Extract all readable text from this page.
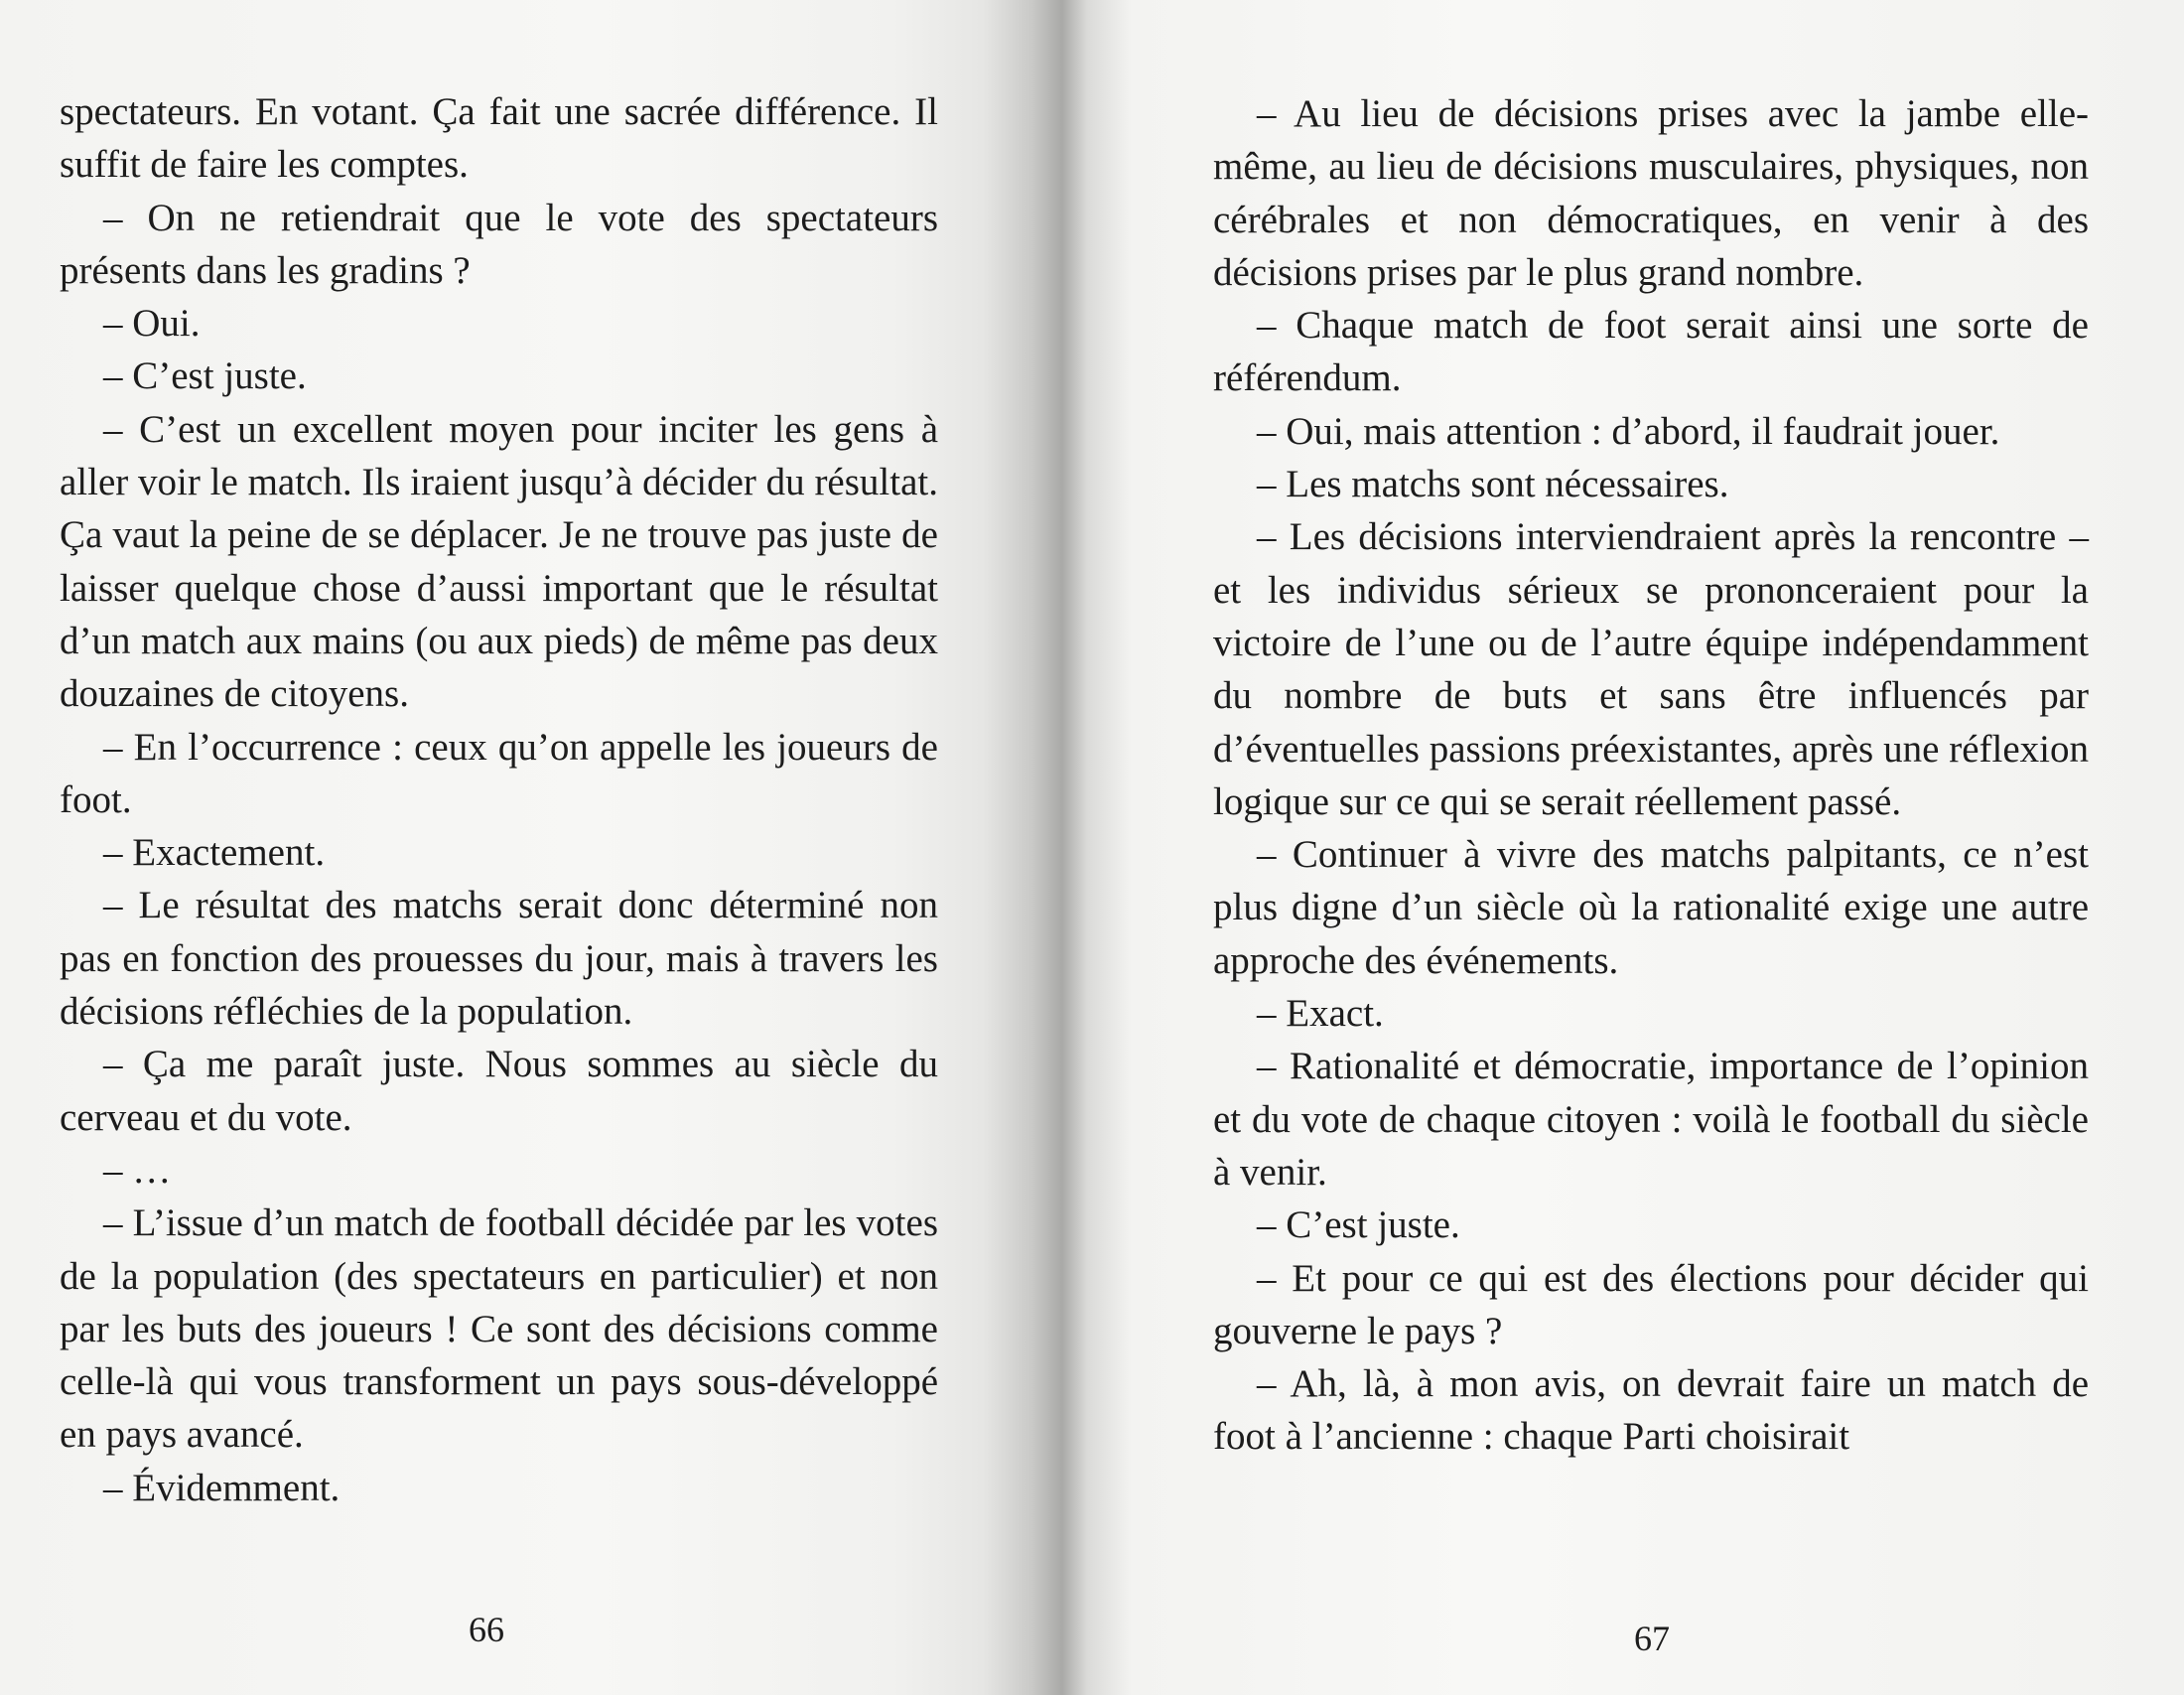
spectateurs. En votant. Ça fait une sacrée différence. Il suffit de faire les comptes.

– On ne retiendrait que le vote des spectateurs présents dans les gradins ?

– Oui.

– C’est juste.

– C’est un excellent moyen pour inciter les gens à aller voir le match. Ils iraient jusqu’à décider du résultat. Ça vaut la peine de se déplacer. Je ne trouve pas juste de laisser quelque chose d’aussi important que le résultat d’un match aux mains (ou aux pieds) de même pas deux douzaines de citoyens.

– En l’occurrence : ceux qu’on appelle les joueurs de foot.

– Exactement.

– Le résultat des matchs serait donc déterminé non pas en fonction des prouesses du jour, mais à travers les décisions réfléchies de la population.

– Ça me paraît juste. Nous sommes au siècle du cerveau et du vote.

– …

– L’issue d’un match de football décidée par les votes de la population (des spectateurs en particulier) et non par les buts des joueurs ! Ce sont des décisions comme celle-là qui vous transforment un pays sous-développé en pays avancé.

– Évidemment.

66

– Au lieu de décisions prises avec la jambe elle-même, au lieu de décisions musculaires, physiques, non cérébrales et non démocratiques, en venir à des décisions prises par le plus grand nombre.

– Chaque match de foot serait ainsi une sorte de référendum.

– Oui, mais attention : d’abord, il faudrait jouer.

– Les matchs sont nécessaires.

– Les décisions interviendraient après la rencontre – et les individus sérieux se prononceraient pour la victoire de l’une ou de l’autre équipe indépendamment du nombre de buts et sans être influencés par d’éventuelles passions préexistantes, après une réflexion logique sur ce qui se serait réellement passé.

– Continuer à vivre des matchs palpitants, ce n’est plus digne d’un siècle où la rationalité exige une autre approche des événements.

– Exact.

– Rationalité et démocratie, importance de l’opinion et du vote de chaque citoyen : voilà le football du siècle à venir.

– C’est juste.

– Et pour ce qui est des élections pour décider qui gouverne le pays ?

– Ah, là, à mon avis, on devrait faire un match de foot à l’ancienne : chaque Parti choisirait

67
